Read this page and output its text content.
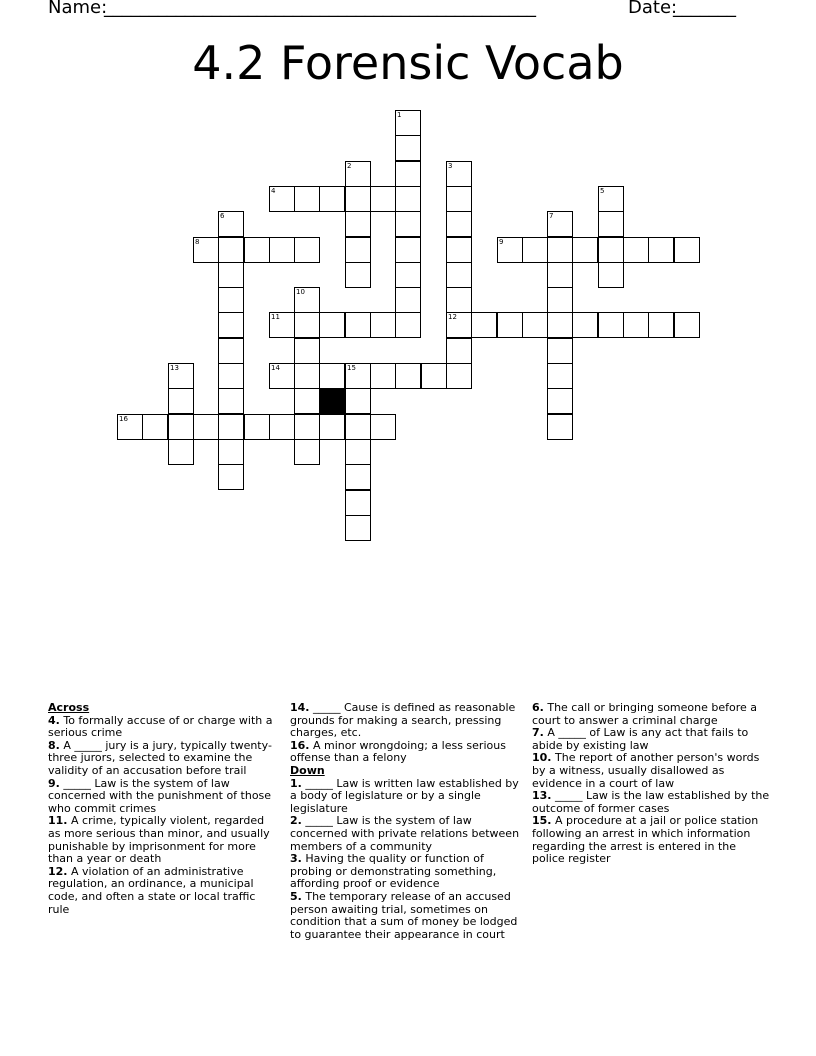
Name:
________________________________________________	Date:
_______
4.2 Forensic Vocab
4
8	9
11	12
14	15
16
1
2	3
5
6	7
10
13
Across

4. To formally accuse of or charge with a serious crime

8. A _____ jury is a jury, typically twenty-three jurors, selected to examine the validity of an accusation before trail

9. _____ Law is the system of law concerned with the punishment of those who commit crimes

11. A crime, typically violent, regarded as more serious than minor, and usually punishable by imprisonment for more than a year or death

12. A violation of an administrative regulation, an ordinance, a municipal code, and often a state or local traffic rule

14. _____ Cause is defined as reasonable grounds for making a search, pressing charges, etc.

16. A minor wrongdoing; a less serious offense than a felony

Down

1. _____ Law is written law established by a body of legislature or by a single legislature

2. _____ Law is the system of law concerned with private relations between members of a community

3. Having the quality or function of probing or demonstrating something, affording proof or evidence

5. The temporary release of an accused person awaiting trial, sometimes on condition that a sum of money be lodged to guarantee their appearance in court

6. The call or bringing someone before a court to answer a criminal charge

7. A _____ of Law is any act that fails to abide by existing law

10. The report of another person's words by a witness, usually disallowed as evidence in a court of law

13. _____ Law is the law established by the outcome of former cases

15. A procedure at a jail or police station following an arrest in which information regarding the arrest is entered in the police register
